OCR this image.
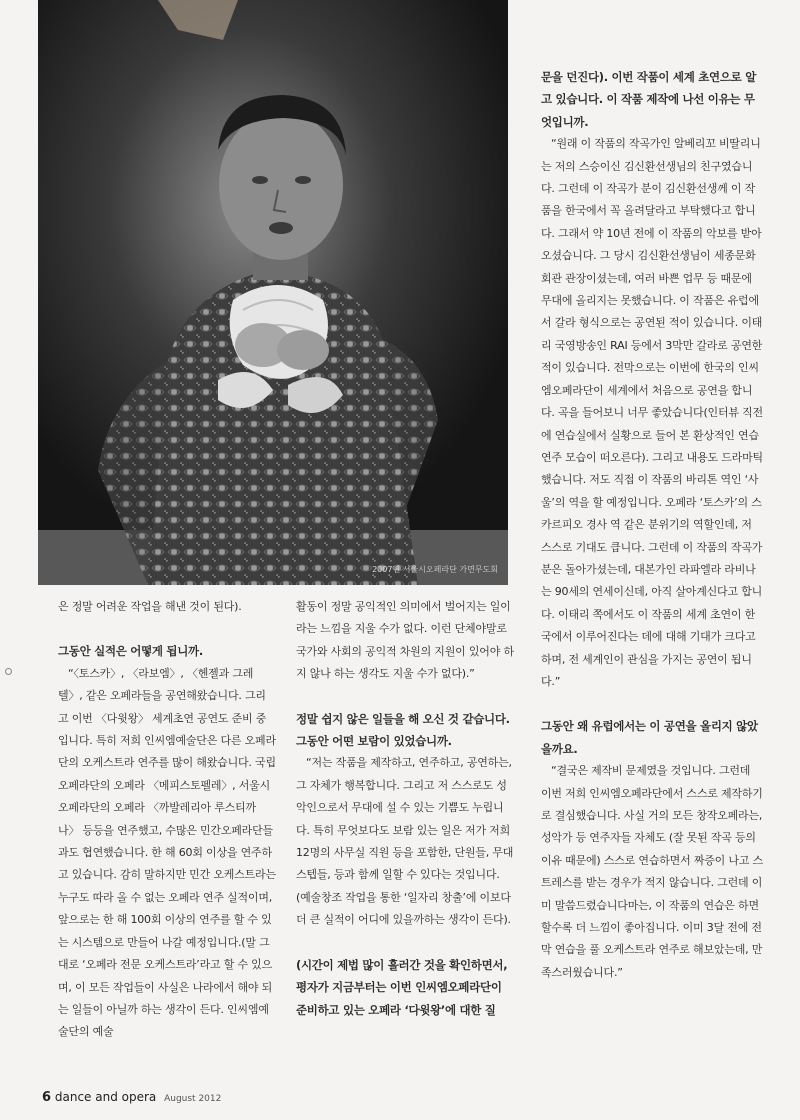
2007년 서울시오페라단 가면무도회

은 정말 어려운 작업을 해낸 것이 된다).

그동안 실적은 어떻게 됩니까.

“〈토스카〉, 〈라보엠〉, 〈헨젤과 그레텔〉, 같은 오페라들을 공연해왔습니다. 그리고 이번 〈다윗왕〉 세계초연 공연도 준비 중입니다. 특히 저희 인씨엠예술단은 다른 오페라단의 오케스트라 연주를 많이 해왔습니다. 국립오페라단의 오페라 〈메피스토펠레〉, 서울시오페라단의 오페라 〈까발레리아 루스티까나〉 등등을 연주했고, 수많은 민간오페라단들과도 협연했습니다. 한 해 60회 이상을 연주하고 있습니다. 감히 말하지만 민간 오케스트라는 누구도 따라 올 수 없는 오페라 연주 실적이며, 앞으로는 한 해 100회 이상의 연주를 할 수 있는 시스템으로 만들어 나갈 예정입니다.(말 그대로 ‘오페라 전문 오케스트라’라고 할 수 있으며, 이 모든 작업들이 사실은 나라에서 해야 되는 일들이 아닐까 하는 생각이 든다. 인씨엠예술단의 예술

활동이 정말 공익적인 의미에서 벌어지는 일이라는 느낌을 지울 수가 없다. 이런 단체야말로 국가와 사회의 공익적 차원의 지원이 있어야 하지 않나 하는 생각도 지울 수가 없다).”

정말 쉽지 않은 일들을 해 오신 것 같습니다. 그동안 어떤 보람이 있었습니까.

“저는 작품을 제작하고, 연주하고, 공연하는, 그 자체가 행복합니다. 그리고 저 스스로도 성악인으로서 무대에 설 수 있는 기쁨도 누립니다. 특히 무엇보다도 보람 있는 일은 저가 저희 12명의 사무실 직원 등을 포함한, 단원들, 무대스텝들, 등과 함께 일할 수 있다는 것입니다.(예술창조 작업을 통한 ‘일자리 창출’에 이보다 더 큰 실적이 어디에 있을까하는 생각이 든다).

(시간이 제법 많이 흘러간 것을 확인하면서, 평자가 지금부터는 이번 인씨엠오페라단이 준비하고 있는 오페라 ‘다윗왕’에 대한 질
문을 던진다). 이번 작품이 세계 초연으로 알고 있습니다. 이 작품 제작에 나선 이유는 무엇입니까.

“원래 이 작품의 작곡가인 알베리꼬 비딸리니는 저의 스승이신 김신환선생님의 친구였습니다. 그런데 이 작곡가 분이 김신환선생께 이 작품을 한국에서 꼭 올려달라고 부탁했다고 합니다. 그래서 약 10년 전에 이 작품의 악보를 받아 오셨습니다. 그 당시 김신환선생님이 세종문화회관 관장이셨는데, 여러 바쁜 업무 등 때문에 무대에 올리지는 못했습니다. 이 작품은 유럽에서 갈라 형식으로는 공연된 적이 있습니다. 이태리 국영방송인 RAI 등에서 3막만 갈라로 공연한 적이 있습니다. 전막으로는 이번에 한국의 인씨엠오페라단이 세계에서 처음으로 공연을 합니다. 곡을 들어보니 너무 좋았습니다(인터뷰 직전에 연습실에서 실황으로 들어 본 환상적인 연습 연주 모습이 떠오른다). 그리고 내용도 드라마틱했습니다. 저도 직접 이 작품의 바리톤 역인 ‘사울’의 역을 할 예정입니다. 오페라 ‘토스카’의 스카르피오 경사 역 같은 분위기의 역할인데, 저 스스로 기대도 큽니다. 그런데 이 작품의 작곡가 분은 돌아가셨는데, 대본가인 라파엘라 라비나는 90세의 연세이신데, 아직 살아계신다고 합니다. 이태리 쪽에서도 이 작품의 세계 초연이 한국에서 이루어진다는 데에 대해 기대가 크다고 하며, 전 세계인이 관심을 가지는 공연이 됩니다.”

그동안 왜 유럽에서는 이 공연을 올리지 않았을까요.

“결국은 제작비 문제였을 것입니다. 그런데 이번 저희 인씨엠오페라단에서 스스로 제작하기로 결심했습니다. 사실 거의 모든 창작오페라는, 성악가 등 연주자들 자체도 (잘 못된 작곡 등의 이유 때문에) 스스로 연습하면서 짜증이 나고 스트레스를 받는 경우가 적지 않습니다. 그런데 이미 말씀드렸습니다마는, 이 작품의 연습은 하면 할수록 더 느낌이 좋아집니다. 이미 3달 전에 전막 연습을 풀 오케스트라 연주로 해보았는데, 만족스러웠습니다.”

6 dance and opera August 2012
